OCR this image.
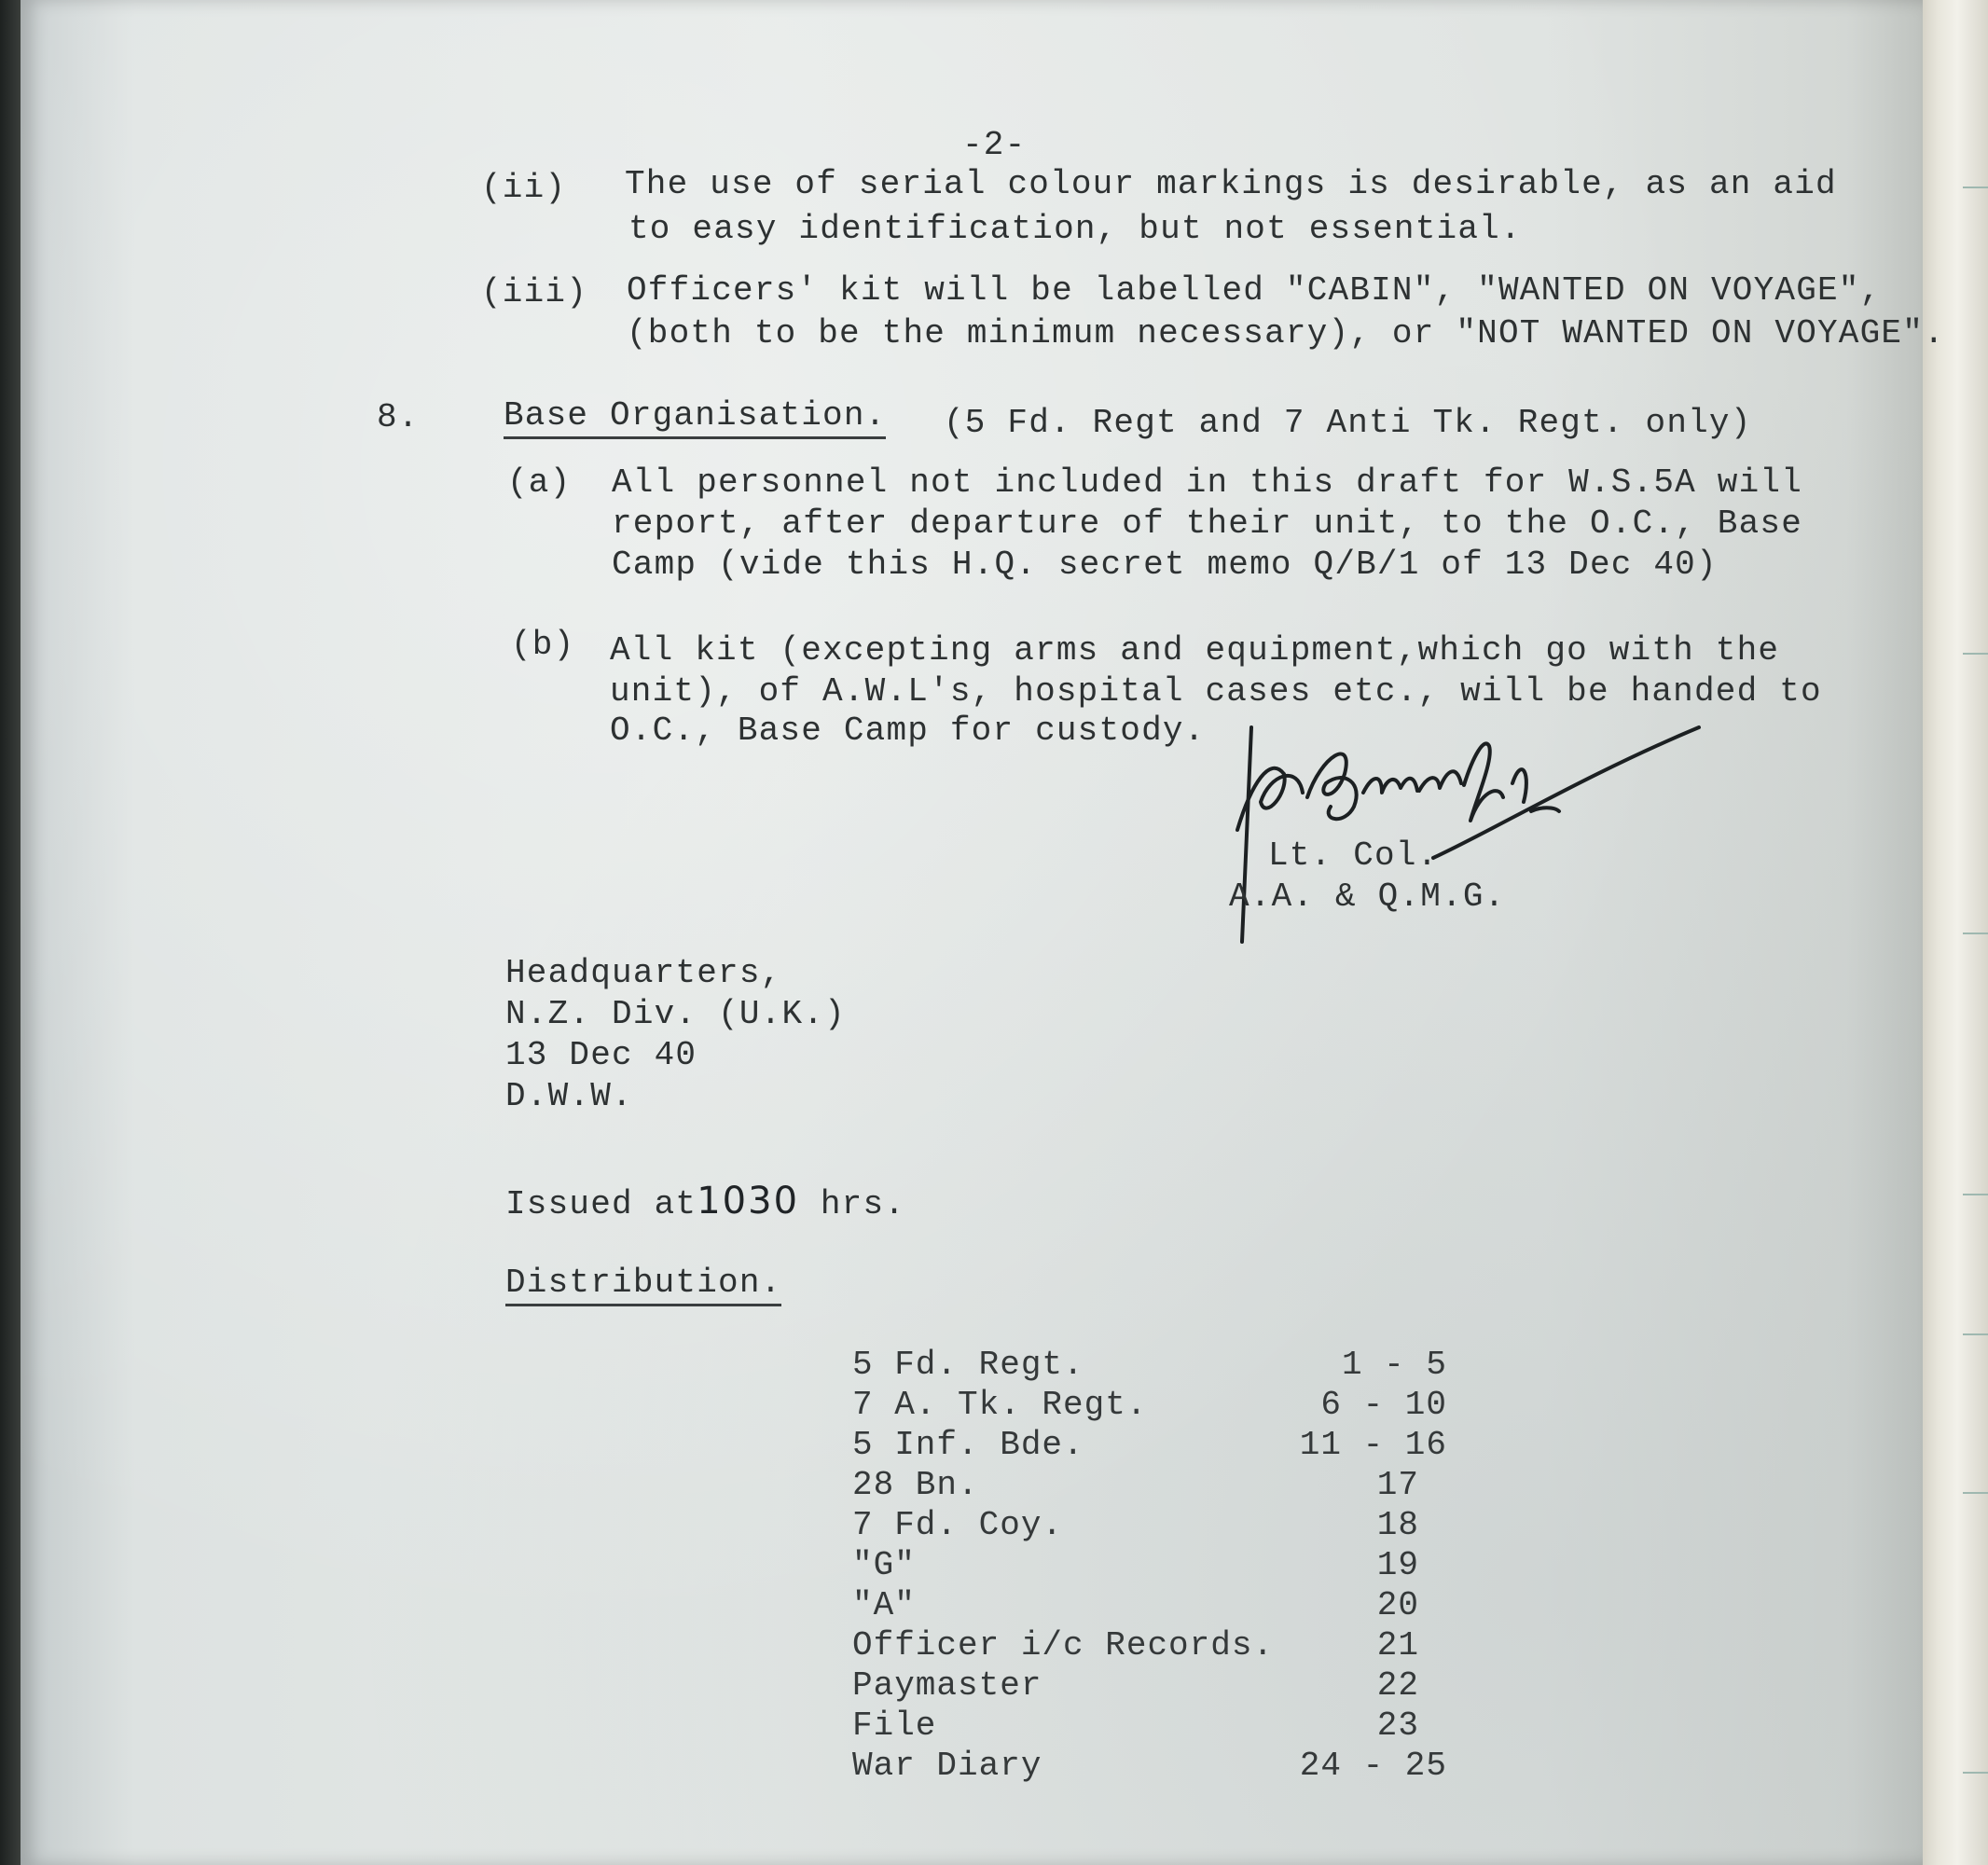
-2-
(ii) The use of serial colour markings is desirable, as an aid
to easy identification, but not essential.
(iii) Officers' kit will be labelled "CABIN", "WANTED ON VOYAGE",
(both to be the minimum necessary), or "NOT WANTED ON VOYAGE".
8.	Base Organisation. (5 Fd. Regt and 7 Anti Tk. Regt. only)
(a) All personnel not included in this draft for W.S.5A will
report, after departure of their unit, to the O.C., Base
Camp (vide this H.Q. secret memo Q/B/1 of 13 Dec 40)
(b) All kit (excepting arms and equipment,which go with the
unit), of A.W.L's, hospital cases etc., will be handed to
O.C., Base Camp for custody.
Lt. Col.
A.A. & Q.M.G.
Headquarters,
N.Z. Div. (U.K.)
13 Dec 40
D.W.W.
Issued at1030 hrs.
Distribution.
5 Fd. Regt.	1 - 5
7 A. Tk. Regt.	6 - 10
5 Inf. Bde.	11 - 16
28 Bn.	17
7 Fd. Coy.	18
"G"	19
"A"	20
Officer i/c Records.	21
Paymaster	22
File	23
War Diary	24 - 25
